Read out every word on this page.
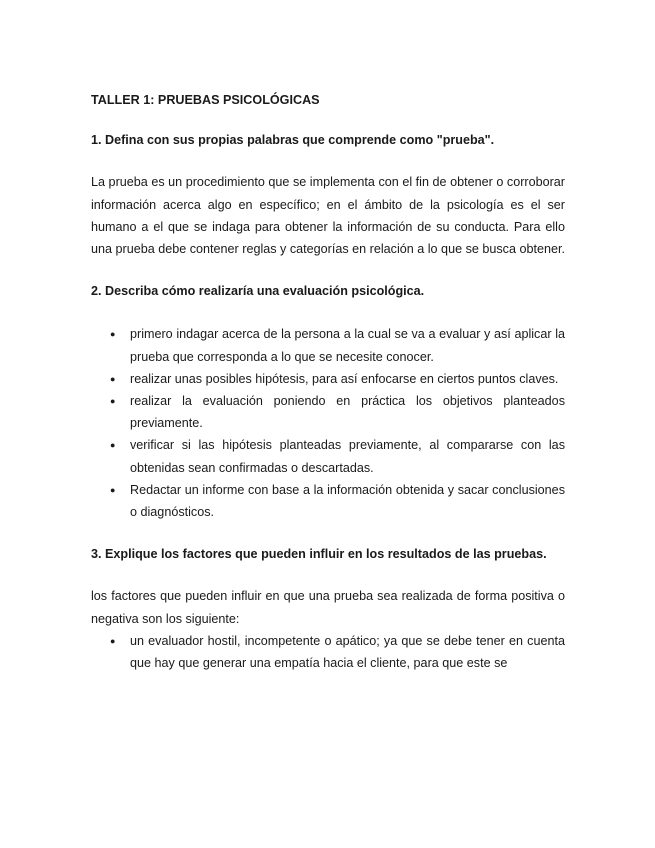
TALLER 1: PRUEBAS PSICOLÓGICAS

1. Defina con sus propias palabras que comprende como "prueba".

La prueba es un procedimiento que se implementa con el fin de obtener o corroborar información acerca algo en específico; en el ámbito de la psicología es el ser humano a el que se indaga para obtener la información de su conducta. Para ello una prueba debe contener reglas y categorías en relación a lo que se busca obtener.

2. Describa cómo realizaría una evaluación psicológica.

● primero indagar acerca de la persona a la cual se va a evaluar y así aplicar la prueba que corresponda a lo que se necesite conocer.
● realizar unas posibles hipótesis, para así enfocarse en ciertos puntos claves.
● realizar la evaluación poniendo en práctica los objetivos planteados previamente.
● verificar si las hipótesis planteadas previamente, al compararse con las obtenidas sean confirmadas o descartadas.
● Redactar un informe con base a la información obtenida y sacar conclusiones o diagnósticos.

3. Explique los factores que pueden influir en los resultados de las pruebas.

los factores que pueden influir en que una prueba sea realizada de forma positiva o negativa son los siguiente:

● un evaluador hostil, incompetente o apático; ya que se debe tener en cuenta que hay que generar una empatía hacia el cliente, para que este se
